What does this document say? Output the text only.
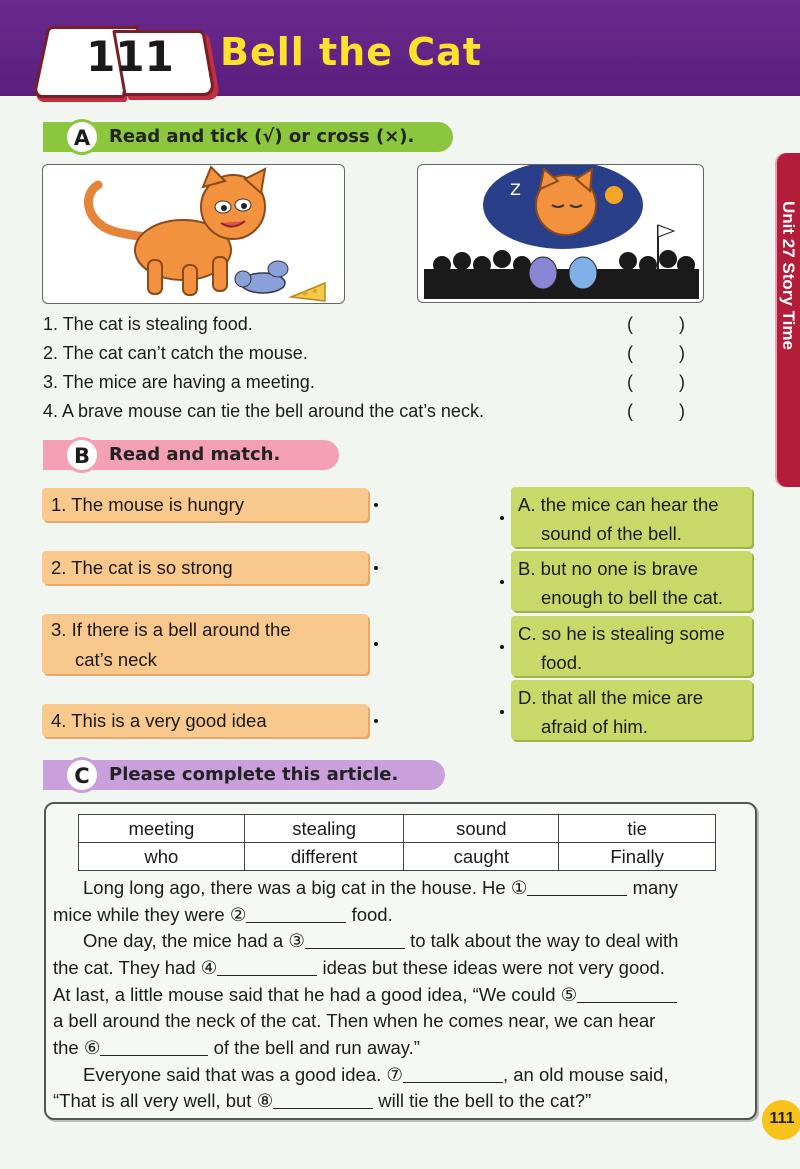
111 Bell the Cat
Unit 27 Story Time
Read and tick (√) or cross (×).
A
Z
1. The cat is stealing food.
2. The cat can’t catch the mouse.
3. The mice are having a meeting.
4. A brave mouse can tie the bell around the cat’s neck.
(	)
(	)
(	)
(	)
Read and match.
B
1. The mouse is hungry
2. The cat is so strong
3. If there is a bell around the
cat’s neck
4. This is a very good idea
A. the mice can hear the
sound of the bell.
B. but no one is brave
enough to bell the cat.
C. so he is stealing some
food.
D. that all the mice are
afraid of him.
Please complete this article.
C
meeting	stealing	sound	tie
who	different	caught	Finally
Long long ago, there was a big cat in the house. He ①	many
mice while they were ②	food.
One day, the mice had a ③	to talk about the way to deal with
the cat. They had ④	ideas but these ideas were not very good.
At last, a little mouse said that he had a good idea, “We could ⑤
a bell around the neck of the cat. Then when he comes near, we can hear
the ⑥	of the bell and run away.”
Everyone said that was a good idea. ⑦	, an old mouse said,
“That is all very well, but ⑧	will tie the bell to the cat?”
111
